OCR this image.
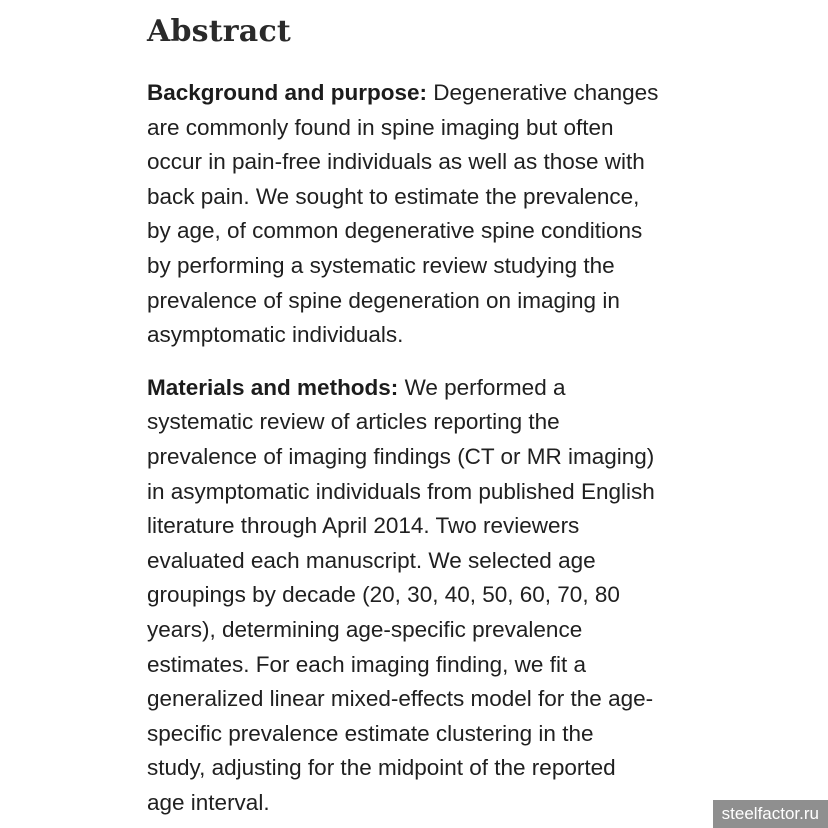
Abstract

Background and purpose: Degenerative changes
are commonly found in spine imaging but often
occur in pain-free individuals as well as those with
back pain. We sought to estimate the prevalence,
by age, of common degenerative spine conditions
by performing a systematic review studying the
prevalence of spine degeneration on imaging in
asymptomatic individuals.

Materials and methods: We performed a
systematic review of articles reporting the
prevalence of imaging findings (CT or MR imaging)
in asymptomatic individuals from published English
literature through April 2014. Two reviewers
evaluated each manuscript. We selected age
groupings by decade (20, 30, 40, 50, 60, 70, 80
years), determining age-specific prevalence
estimates. For each imaging finding, we fit a
generalized linear mixed-effects model for the age-
specific prevalence estimate clustering in the
study, adjusting for the midpoint of the reported
age interval.	steelfactor.ru
